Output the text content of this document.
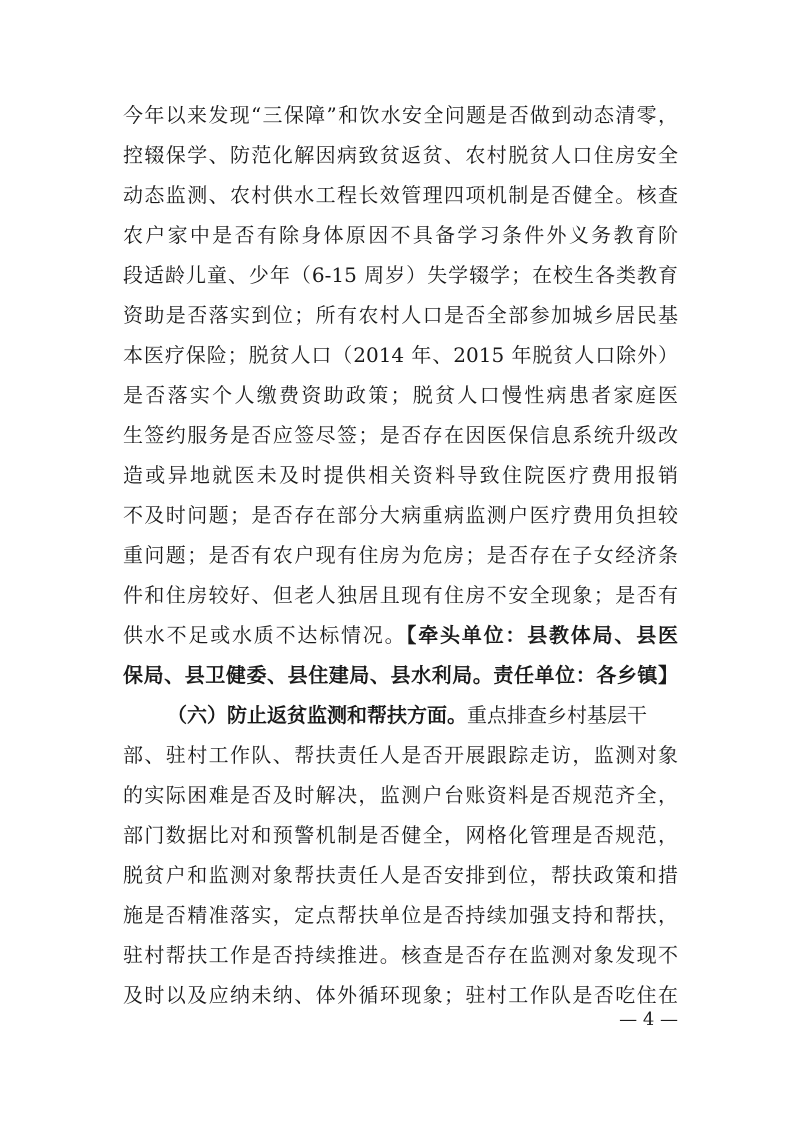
今年以来发现“三保障”和饮水安全问题是否做到动态清零，
控辍保学、防范化解因病致贫返贫、农村脱贫人口住房安全
动态监测、农村供水工程长效管理四项机制是否健全。核查
农户家中是否有除身体原因不具备学习条件外义务教育阶
段适龄儿童、少年（6-15 周岁）失学辍学；在校生各类教育
资助是否落实到位；所有农村人口是否全部参加城乡居民基
本医疗保险；脱贫人口（2014 年、2015 年脱贫人口除外）
是否落实个人缴费资助政策；脱贫人口慢性病患者家庭医
生签约服务是否应签尽签；是否存在因医保信息系统升级改
造或异地就医未及时提供相关资料导致住院医疗费用报销
不及时问题；是否存在部分大病重病监测户医疗费用负担较
重问题；是否有农户现有住房为危房；是否存在子女经济条
件和住房较好、但老人独居且现有住房不安全现象；是否有
供水不足或水质不达标情况。【牵头单位：县教体局、县医
保局、县卫健委、县住建局、县水利局。责任单位：各乡镇】
（六）防止返贫监测和帮扶方面。重点排查乡村基层干
部、驻村工作队、帮扶责任人是否开展跟踪走访，监测对象
的实际困难是否及时解决，监测户台账资料是否规范齐全，
部门数据比对和预警机制是否健全，网格化管理是否规范，
脱贫户和监测对象帮扶责任人是否安排到位，帮扶政策和措
施是否精准落实，定点帮扶单位是否持续加强支持和帮扶，
驻村帮扶工作是否持续推进。核查是否存在监测对象发现不
及时以及应纳未纳、体外循环现象；驻村工作队是否吃住在
— 4 —
